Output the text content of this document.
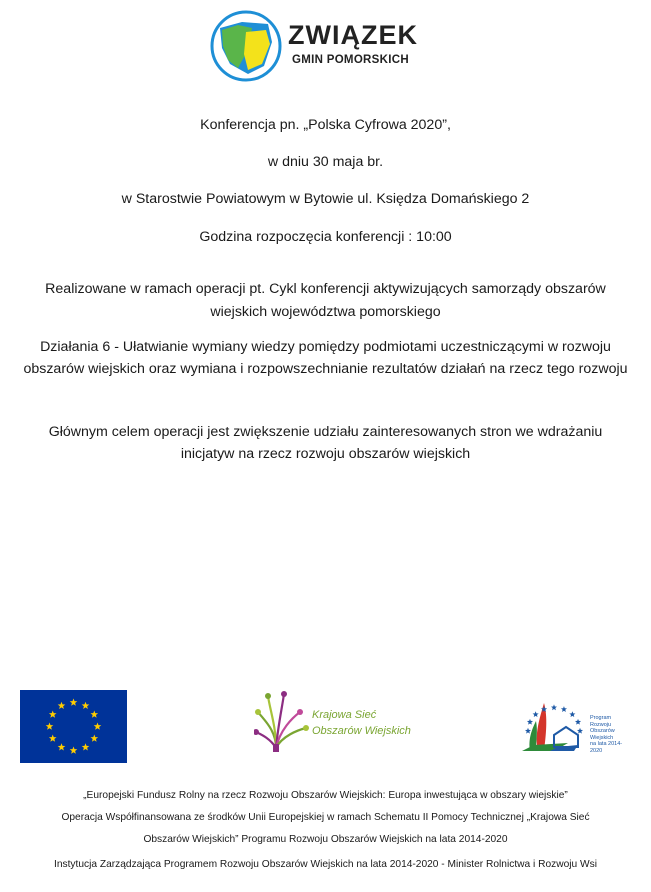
ZWIĄZEK
GMIN POMORSKICH
Konferencja pn. „Polska Cyfrowa 2020”,
w dniu 30 maja br.
w Starostwie Powiatowym w Bytowie ul. Księdza Domańskiego 2
Godzina rozpoczęcia konferencji : 10:00
Realizowane w ramach operacji pt. Cykl konferencji aktywizujących samorządy obszarów
wiejskich województwa pomorskiego
Działania 6 - Ułatwianie wymiany wiedzy pomiędzy podmiotami uczestniczącymi w rozwoju
obszarów wiejskich oraz wymiana i rozpowszechnianie rezultatów działań na rzecz tego rozwoju
Głównym celem operacji jest zwiększenie udziału zainteresowanych stron we wdrażaniu
inicjatyw na rzecz rozwoju obszarów wiejskich
Krajowa Sieć
Obszarów Wiejskich
Program
Rozwoju
Obszarów
Wiejskich
na lata 2014-2020
„Europejski Fundusz Rolny na rzecz Rozwoju Obszarów Wiejskich: Europa inwestująca w obszary wiejskie”
Operacja Współfinansowana ze środków Unii Europejskiej w ramach Schematu II Pomocy Technicznej „Krajowa Sieć
Obszarów Wiejskich” Programu Rozwoju Obszarów Wiejskich na lata 2014-2020
Instytucja Zarządzająca Programem Rozwoju Obszarów Wiejskich na lata 2014-2020 - Minister Rolnictwa i Rozwoju Wsi
